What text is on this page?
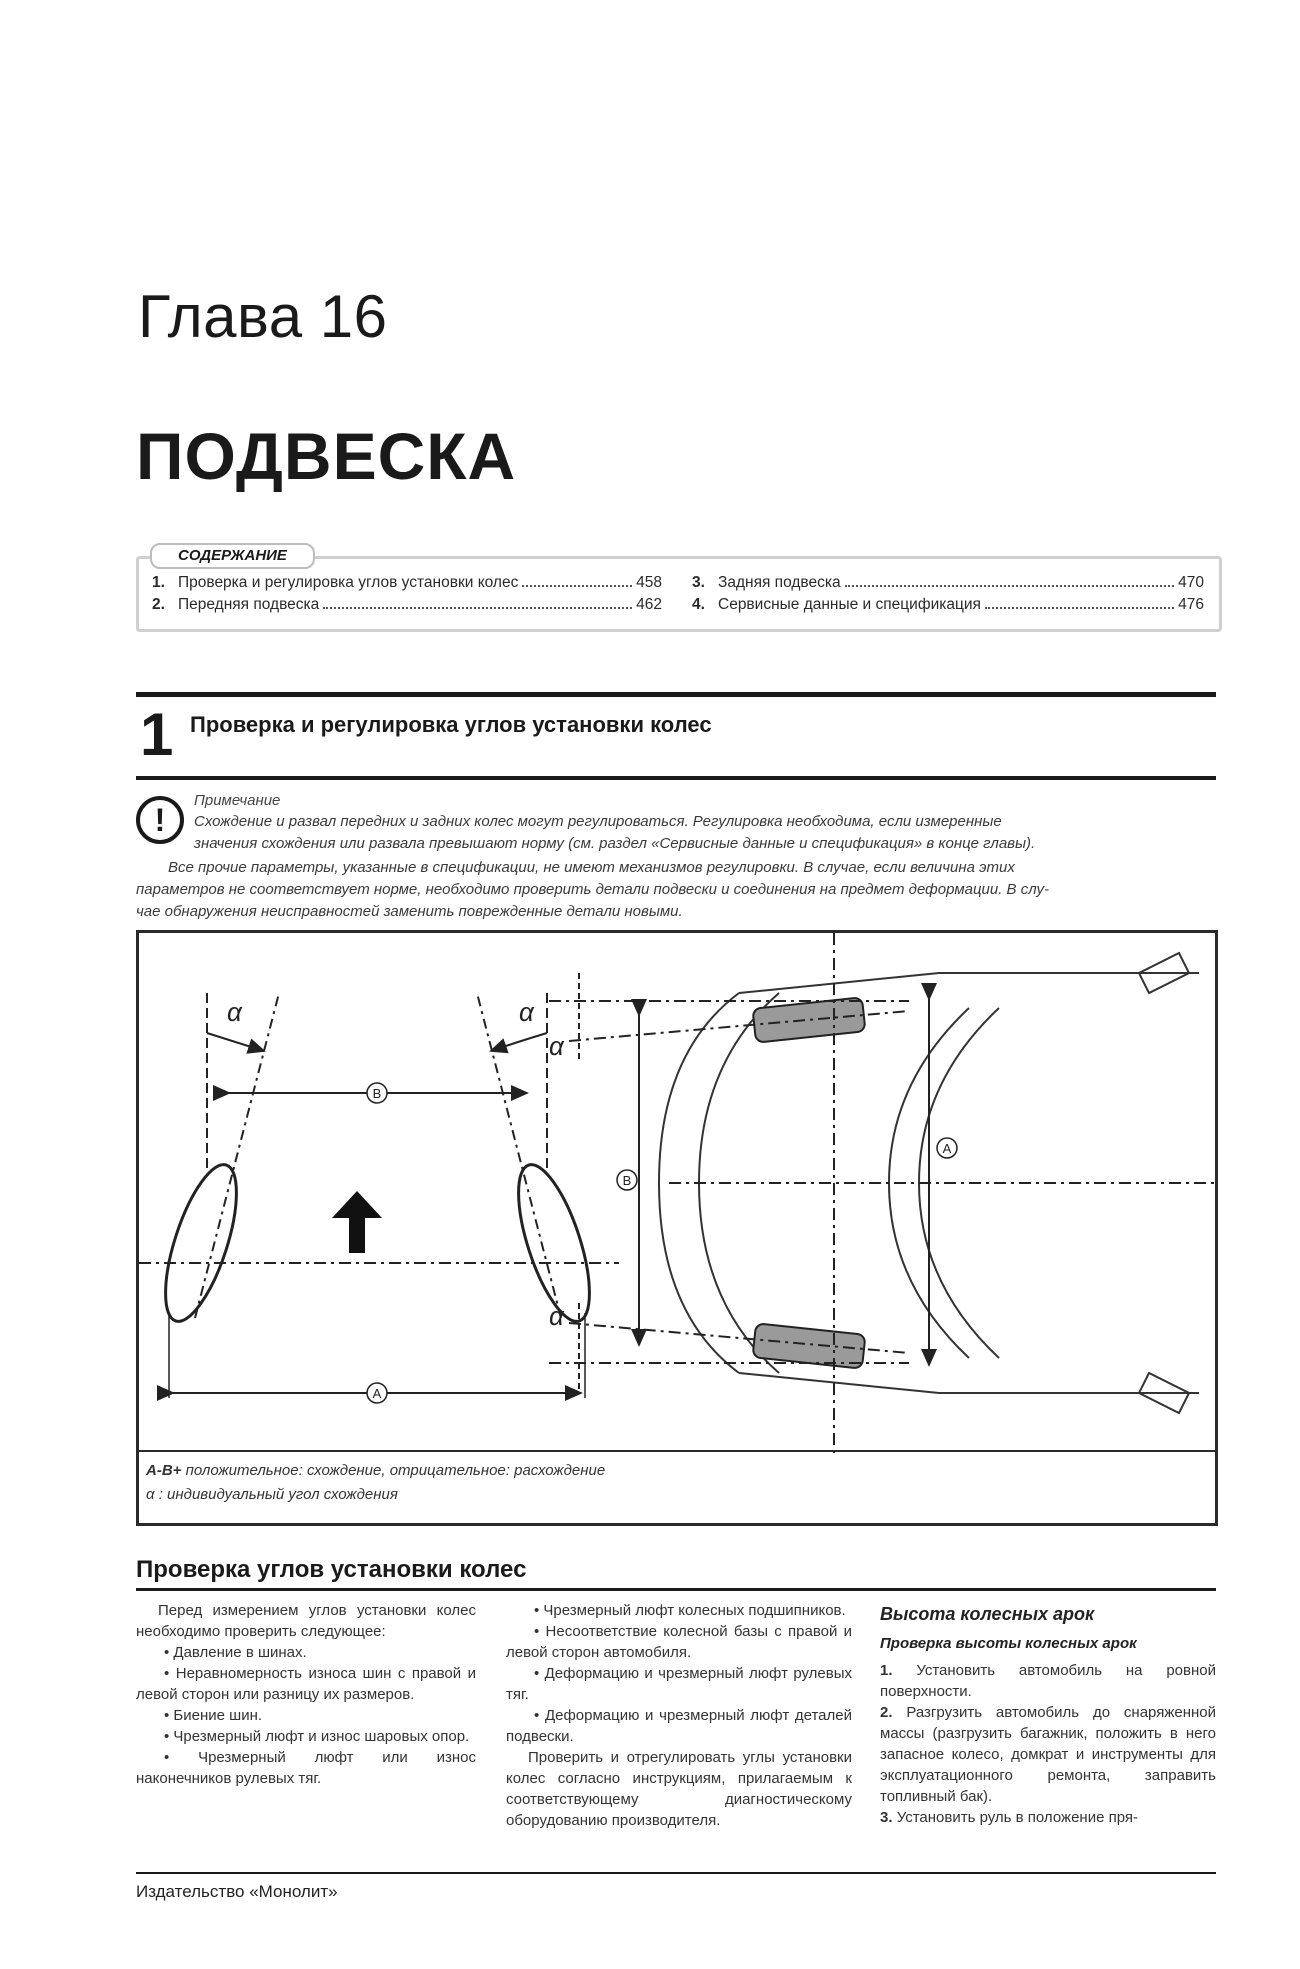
Глава 16
ПОДВЕСКА
СОДЕРЖАНИЕ
1. Проверка и регулировка углов установки колес	458
2. Передняя подвеска	462
3. Задняя подвеска	470
4. Сервисные данные и спецификация	476
1 Проверка и регулировка углов установки колес
!
Примечание
Схождение и развал передних и задних колес могут регулироваться. Регулировка необходима, если измеренные
значения схождения или развала превышают норму (см. раздел «Сервисные данные и спецификация» в конце главы).
Все прочие параметры, указанные в спецификации, не имеют механизмов регулировки. В случае, если величина этих
параметров не соответствует норме, необходимо проверить детали подвески и соединения на предмет деформации. В слу-
чае обнаружения неисправностей заменить поврежденные детали новыми.
α	α
B
A
B
A
α
α
A-B+ положительное: схождение, отрицательное: расхождение
α : индивидуальный угол схождения
Проверка углов установки колес

Перед измерением углов установки колес необходимо проверить следующее:

• Давление в шинах.

• Неравномерность износа шин с правой и левой сторон или разницу их размеров.

• Биение шин.

• Чрезмерный люфт и износ шаровых опор.

• Чрезмерный люфт или износ наконечников рулевых тяг.

• Чрезмерный люфт колесных подшипников.

• Несоответствие колесной базы с правой и левой сторон автомобиля.

• Деформацию и чрезмерный люфт рулевых тяг.

• Деформацию и чрезмерный люфт деталей подвески.

Проверить и отрегулировать углы установки колес согласно инструкциям, прилагаемым к соответствующему диагностическому оборудованию производителя.

Высота колесных арок
Проверка высоты колесных арок

1. Установить автомобиль на ровной поверхности.

2. Разгрузить автомобиль до снаряженной массы (разгрузить багажник, положить в него запасное колесо, домкрат и инструменты для эксплуатационного ремонта, заправить топливный бак).

3. Установить руль в положение пря-

Издательство «Монолит»
